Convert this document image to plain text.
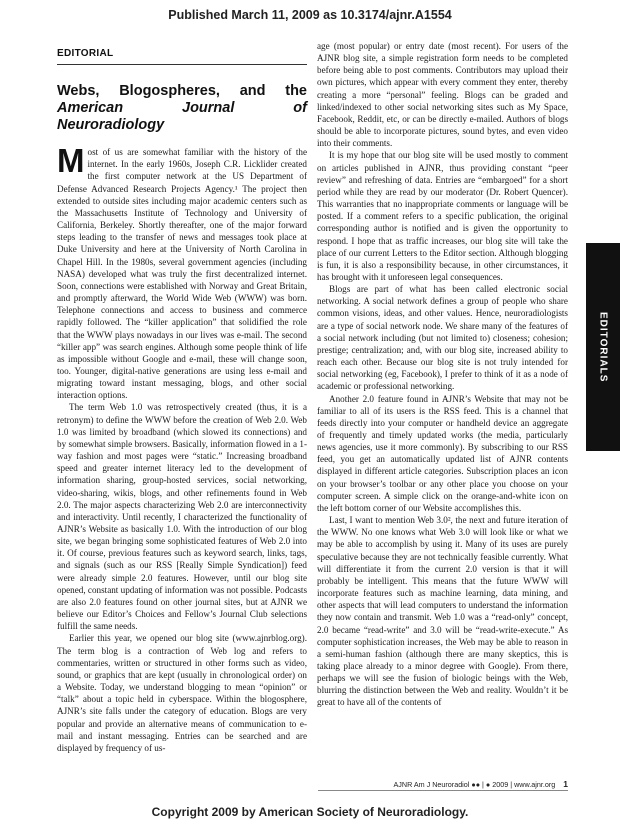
Published March 11, 2009 as 10.3174/ajnr.A1554
EDITORIAL
Webs, Blogospheres, and the American Journal of Neuroradiology

Most of us are somewhat familiar with the history of the internet. In the early 1960s, Joseph C.R. Licklider created the first computer network at the US Department of Defense Advanced Research Projects Agency.¹ The project then extended to outside sites including major academic centers such as the Massachusetts Institute of Technology and University of California, Berkeley. Shortly thereafter, one of the major forward steps leading to the transfer of news and messages took place at Duke University and here at the University of North Carolina in Chapel Hill. In the 1980s, several government agencies (including NASA) developed what was truly the first decentralized internet. Soon, connections were established with Norway and Great Britain, and promptly afterward, the World Wide Web (WWW) was born. Telephone connections and access to business and commerce rapidly followed. The “killer application” that solidified the role that the WWW plays nowadays in our lives was e-mail. The second “killer app” was search engines. Although some people think of life as impossible without Google and e-mail, these will change soon, too. Younger, digital-native generations are using less e-mail and migrating toward instant messaging, blogs, and other social interaction options.

The term Web 1.0 was retrospectively created (thus, it is a retronym) to define the WWW before the creation of Web 2.0. Web 1.0 was limited by broadband (which slowed its connections) and by somewhat simple browsers. Basically, information flowed in a 1-way fashion and most pages were “static.” Increasing broadband speed and greater internet literacy led to the development of information sharing, group-hosted services, social networking, video-sharing, wikis, blogs, and other refinements found in Web 2.0. The major aspects characterizing Web 2.0 are interconnectivity and interactivity. Until recently, I characterized the functionality of AJNR’s Website as basically 1.0. With the introduction of our blog site, we began bringing some sophisticated features of Web 2.0 into it. Of course, previous features such as keyword search, links, tags, and signals (such as our RSS [Really Simple Syndication]) feed were already simple 2.0 features. However, until our blog site opened, constant updating of information was not possible. Podcasts are also 2.0 features found on other journal sites, but at AJNR we believe our Editor’s Choices and Fellow’s Journal Club selections fulfill the same needs.

Earlier this year, we opened our blog site (www.ajnrblog.org). The term blog is a contraction of Web log and refers to commentaries, written or structured in other forms such as video, sound, or graphics that are kept (usually in chronological order) on a Website. Today, we understand blogging to mean “opinion” or “talk” about a topic held in cyberspace. Within the blogosphere, AJNR’s site falls under the category of education. Blogs are very popular and provide an alternative means of communication to e-mail and instant messaging. Entries can be searched and are displayed by frequency of us-

age (most popular) or entry date (most recent). For users of the AJNR blog site, a simple registration form needs to be completed before being able to post comments. Contributors may upload their own pictures, which appear with every comment they enter, thereby creating a more “personal” feeling. Blogs can be graded and linked/indexed to other social networking sites such as My Space, Facebook, Reddit, etc, or can be directly e-mailed. Authors of blogs should be able to incorporate pictures, sound bytes, and even video into their comments.

It is my hope that our blog site will be used mostly to comment on articles published in AJNR, thus providing constant “peer review” and refreshing of data. Entries are “embargoed” for a short period while they are read by our moderator (Dr. Robert Quencer). This warranties that no inappropriate comments or language will be posted. If a comment refers to a specific publication, the original corresponding author is notified and is given the opportunity to respond. I hope that as traffic increases, our blog site will take the place of our current Letters to the Editor section. Although blogging is fun, it is also a responsibility because, in other circumstances, it has brought with it unforeseen legal consequences.

Blogs are part of what has been called electronic social networking. A social network defines a group of people who share common visions, ideas, and other values. Hence, neuroradiologists are a type of social network node. We share many of the features of a social network including (but not limited to) closeness; cohesion; prestige; centralization; and, with our blog site, increased ability to reach each other. Because our blog site is not truly intended for social networking (eg, Facebook), I prefer to think of it as a node of academic or professional networking.

Another 2.0 feature found in AJNR’s Website that may not be familiar to all of its users is the RSS feed. This is a channel that feeds directly into your computer or handheld device an aggregate of frequently and timely updated works (the media, particularly news agencies, use it more commonly). By subscribing to our RSS feed, you get an automatically updated list of AJNR contents displayed in different article categories. Subscription places an icon on your browser’s toolbar or any other place you choose on your computer screen. A simple click on the orange-and-white icon on the left bottom corner of our Website accomplishes this.

Last, I want to mention Web 3.0², the next and future iteration of the WWW. No one knows what Web 3.0 will look like or what we may be able to accomplish by using it. Many of its uses are purely speculative because they are not technically feasible currently. What will differentiate it from the current 2.0 version is that it will probably be intelligent. This means that the future WWW will incorporate features such as machine learning, data mining, and other aspects that will lead computers to understand the information they now contain and transmit. Web 1.0 was a “read-only” concept, 2.0 became “read-write” and 3.0 will be “read-write-execute.” As computer sophistication increases, the Web may be able to reason in a semi-human fashion (although there are many skeptics, this is taking place already to a minor degree with Google). From there, perhaps we will see the fusion of biologic beings with the Web, blurring the distinction between the Web and reality. Wouldn’t it be great to have all of the contents of

EDITORIALS
AJNR Am J Neuroradiol ●● | ● 2009 | www.ajnr.org 1
Copyright 2009 by American Society of Neuroradiology.
